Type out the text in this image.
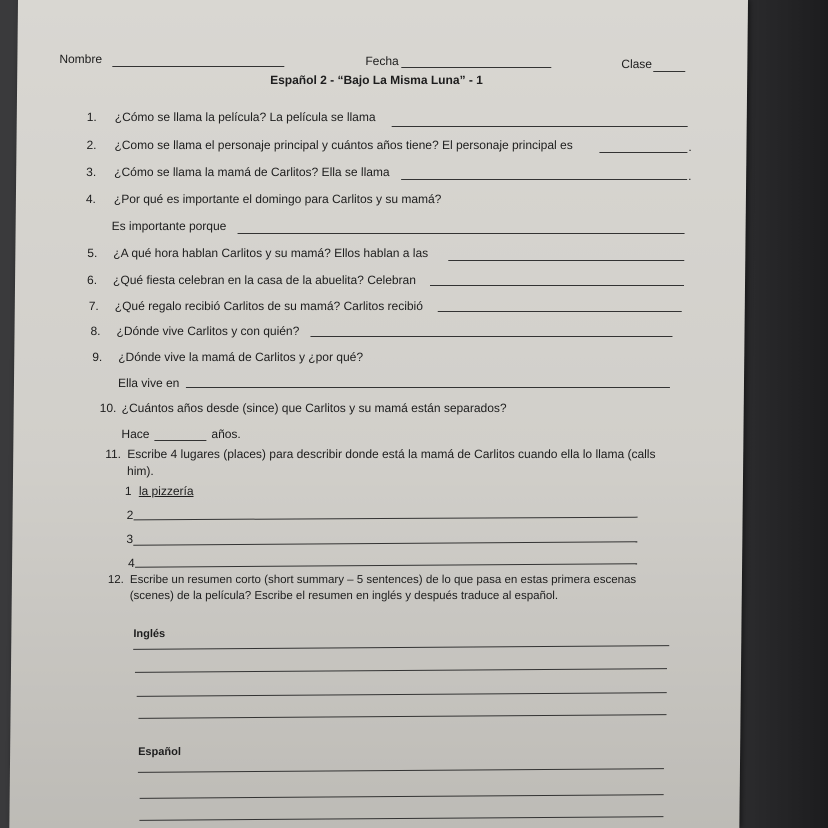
Nombre	Fecha	Clase
Español 2 - “Bajo La Misma Luna” - 1
1. ¿Cómo se llama la película? La película se llama
2. ¿Como se llama el personaje principal y cuántos años tiene? El personaje principal es	.
3. ¿Cómo se llama la mamá de Carlitos? Ella se llama	.
4. ¿Por qué es importante el domingo para Carlitos y su mamá?
Es importante porque
5. ¿A qué hora hablan Carlitos y su mamá? Ellos hablan a las
6. ¿Qué fiesta celebran en la casa de la abuelita? Celebran
7. ¿Qué regalo recibió Carlitos de su mamá? Carlitos recibió
8. ¿Dónde vive Carlitos y con quién?
9. ¿Dónde vive la mamá de Carlitos y ¿por qué?
Ella vive en
10. ¿Cuántos años desde (since) que Carlitos y su mamá están separados?
Hace	años.
11. Escribe 4 lugares (places) para describir donde está la mamá de Carlitos cuando ella lo llama (calls
him).
1 la pizzería
2
3
4
12. Escribe un resumen corto (short summary – 5 sentences) de lo que pasa en estas primera escenas
(scenes) de la película? Escribe el resumen en inglés y después traduce al español.
Inglés
Español
